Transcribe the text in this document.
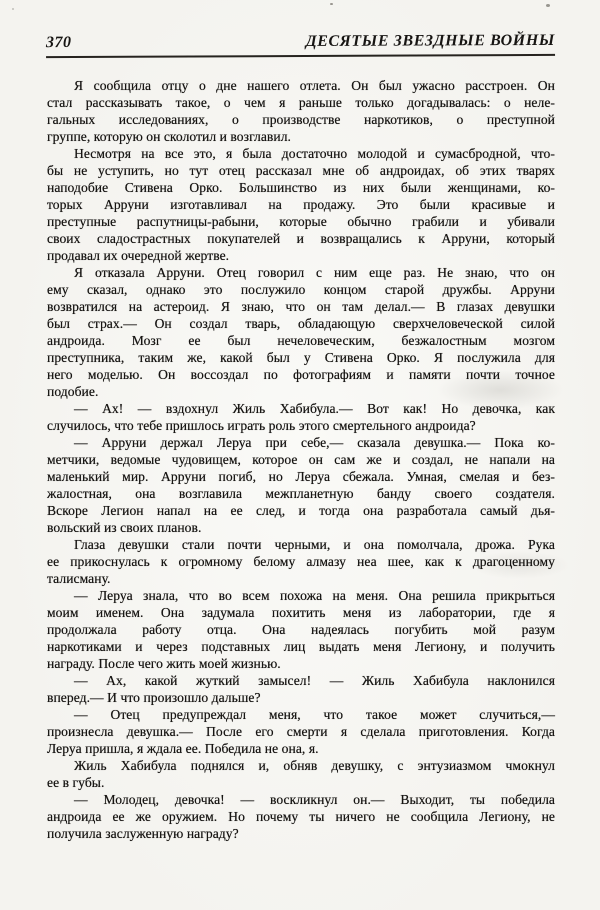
370	ДЕСЯТЫЕ ЗВЕЗДНЫЕ ВОЙНЫ
Я сообщила отцу о дне нашего отлета. Он был ужасно расстроен. Он
стал рассказывать такое, о чем я раньше только догадывалась: о неле-
гальных исследованиях, о производстве наркотиков, о преступной
группе, которую он сколотил и возглавил.
Несмотря на все это, я была достаточно молодой и сумасбродной, что-
бы не уступить, но тут отец рассказал мне об андроидах, об этих тварях
наподобие Стивена Орко. Большинство из них были женщинами, ко-
торых Арруни изготавливал на продажу. Это были красивые и
преступные распутницы-рабыни, которые обычно грабили и убивали
своих сладострастных покупателей и возвращались к Арруни, который
продавал их очередной жертве.
Я отказала Арруни. Отец говорил с ним еще раз. Не знаю, что он
ему сказал, однако это послужило концом старой дружбы. Арруни
возвратился на астероид. Я знаю, что он там делал.— В глазах девушки
был страх.— Он создал тварь, обладающую сверхчеловеческой силой
андроида. Мозг ее был нечеловеческим, безжалостным мозгом
преступника, таким же, какой был у Стивена Орко. Я послужила для
него моделью. Он воссоздал по фотографиям и памяти почти точное
подобие.
— Ах! — вздохнул Жиль Хабибула.— Вот как! Но девочка, как
случилось, что тебе пришлось играть роль этого смертельного андроида?
— Арруни держал Леруа при себе,— сказала девушка.— Пока ко-
метчики, ведомые чудовищем, которое он сам же и создал, не напали на
маленький мир. Арруни погиб, но Леруа сбежала. Умная, смелая и без-
жалостная, она возглавила межпланетную банду своего создателя.
Вскоре Легион напал на ее след, и тогда она разработала самый дья-
вольский из своих планов.
Глаза девушки стали почти черными, и она помолчала, дрожа. Рука
ее прикоснулась к огромному белому алмазу неа шее, как к драгоценному
талисману.
— Леруа знала, что во всем похожа на меня. Она решила прикрыться
моим именем. Она задумала похитить меня из лаборатории, где я
продолжала работу отца. Она надеялась погубить мой разум
наркотиками и через подставных лиц выдать меня Легиону, и получить
награду. После чего жить моей жизнью.
— Ах, какой жуткий замысел! — Жиль Хабибула наклонился
вперед.— И что произошло дальше?
— Отец предупреждал меня, что такое может случиться,—
произнесла девушка.— После его смерти я сделала приготовления. Когда
Леруа пришла, я ждала ее. Победила не она, я.
Жиль Хабибула поднялся и, обняв девушку, с энтузиазмом чмокнул
ее в губы.
— Молодец, девочка! — воскликнул он.— Выходит, ты победила
андроида ее же оружием. Но почему ты ничего не сообщила Легиону, не
получила заслуженную награду?
